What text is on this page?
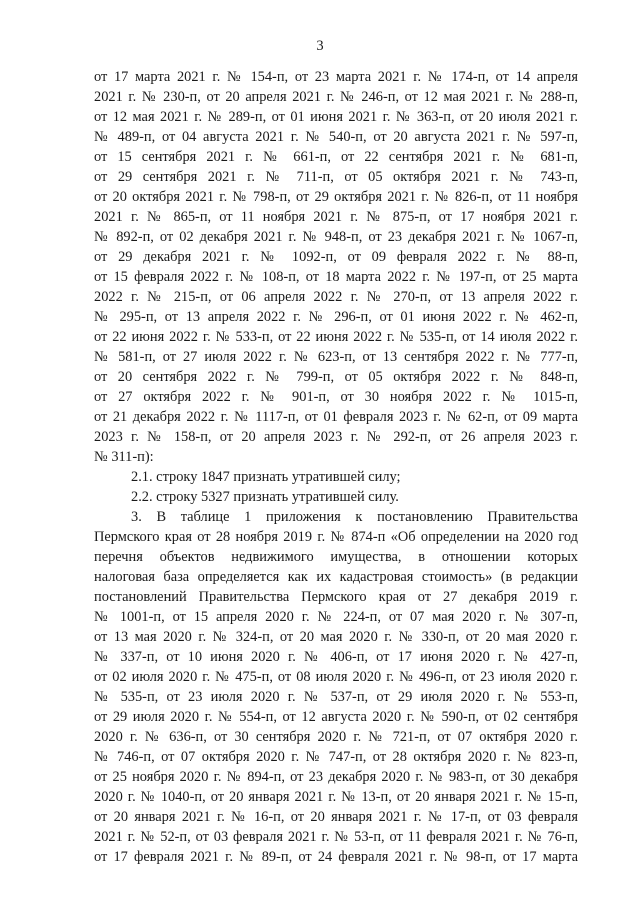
3
от 17 марта 2021 г. № 154-п, от 23 марта 2021 г. № 174-п, от 14 апреля
2021 г. № 230-п, от 20 апреля 2021 г. № 246-п, от 12 мая 2021 г. № 288-п,
от 12 мая 2021 г. № 289-п, от 01 июня 2021 г. № 363-п, от 20 июля 2021 г.
№ 489-п, от 04 августа 2021 г. № 540-п, от 20 августа 2021 г. № 597-п,
от 15 сентября 2021 г. № 661-п, от 22 сентября 2021 г. № 681-п,
от 29 сентября 2021 г. № 711-п, от 05 октября 2021 г. № 743-п,
от 20 октября 2021 г. № 798-п, от 29 октября 2021 г. № 826-п, от 11 ноября
2021 г. № 865-п, от 11 ноября 2021 г. № 875-п, от 17 ноября 2021 г.
№ 892-п, от 02 декабря 2021 г. № 948-п, от 23 декабря 2021 г. № 1067-п,
от 29 декабря 2021 г. № 1092-п, от 09 февраля 2022 г. № 88-п,
от 15 февраля 2022 г. № 108-п, от 18 марта 2022 г. № 197-п, от 25 марта
2022 г. № 215-п, от 06 апреля 2022 г. № 270-п, от 13 апреля 2022 г.
№ 295-п, от 13 апреля 2022 г. № 296-п, от 01 июня 2022 г. № 462-п,
от 22 июня 2022 г. № 533-п, от 22 июня 2022 г. № 535-п, от 14 июля 2022 г.
№ 581-п, от 27 июля 2022 г. № 623-п, от 13 сентября 2022 г. № 777-п,
от 20 сентября 2022 г. № 799-п, от 05 октября 2022 г. № 848-п,
от 27 октября 2022 г. № 901-п, от 30 ноября 2022 г. № 1015-п,
от 21 декабря 2022 г. № 1117-п, от 01 февраля 2023 г. № 62-п, от 09 марта
2023 г. № 158-п, от 20 апреля 2023 г. № 292-п, от 26 апреля 2023 г.
№ 311-п):
2.1. строку 1847 признать утратившей силу;
2.2. строку 5327 признать утратившей силу.
3. В таблице 1 приложения к постановлению Правительства
Пермского края от 28 ноября 2019 г. № 874-п «Об определении на 2020 год
перечня объектов недвижимого имущества, в отношении которых
налоговая база определяется как их кадастровая стоимость» (в редакции
постановлений Правительства Пермского края от 27 декабря 2019 г.
№ 1001-п, от 15 апреля 2020 г. № 224-п, от 07 мая 2020 г. № 307-п,
от 13 мая 2020 г. № 324-п, от 20 мая 2020 г. № 330-п, от 20 мая 2020 г.
№ 337-п, от 10 июня 2020 г. № 406-п, от 17 июня 2020 г. № 427-п,
от 02 июля 2020 г. № 475-п, от 08 июля 2020 г. № 496-п, от 23 июля 2020 г.
№ 535-п, от 23 июля 2020 г. № 537-п, от 29 июля 2020 г. № 553-п,
от 29 июля 2020 г. № 554-п, от 12 августа 2020 г. № 590-п, от 02 сентября
2020 г. № 636-п, от 30 сентября 2020 г. № 721-п, от 07 октября 2020 г.
№ 746-п, от 07 октября 2020 г. № 747-п, от 28 октября 2020 г. № 823-п,
от 25 ноября 2020 г. № 894-п, от 23 декабря 2020 г. № 983-п, от 30 декабря
2020 г. № 1040-п, от 20 января 2021 г. № 13-п, от 20 января 2021 г. № 15-п,
от 20 января 2021 г. № 16-п, от 20 января 2021 г. № 17-п, от 03 февраля
2021 г. № 52-п, от 03 февраля 2021 г. № 53-п, от 11 февраля 2021 г. № 76-п,
от 17 февраля 2021 г. № 89-п, от 24 февраля 2021 г. № 98-п, от 17 марта
